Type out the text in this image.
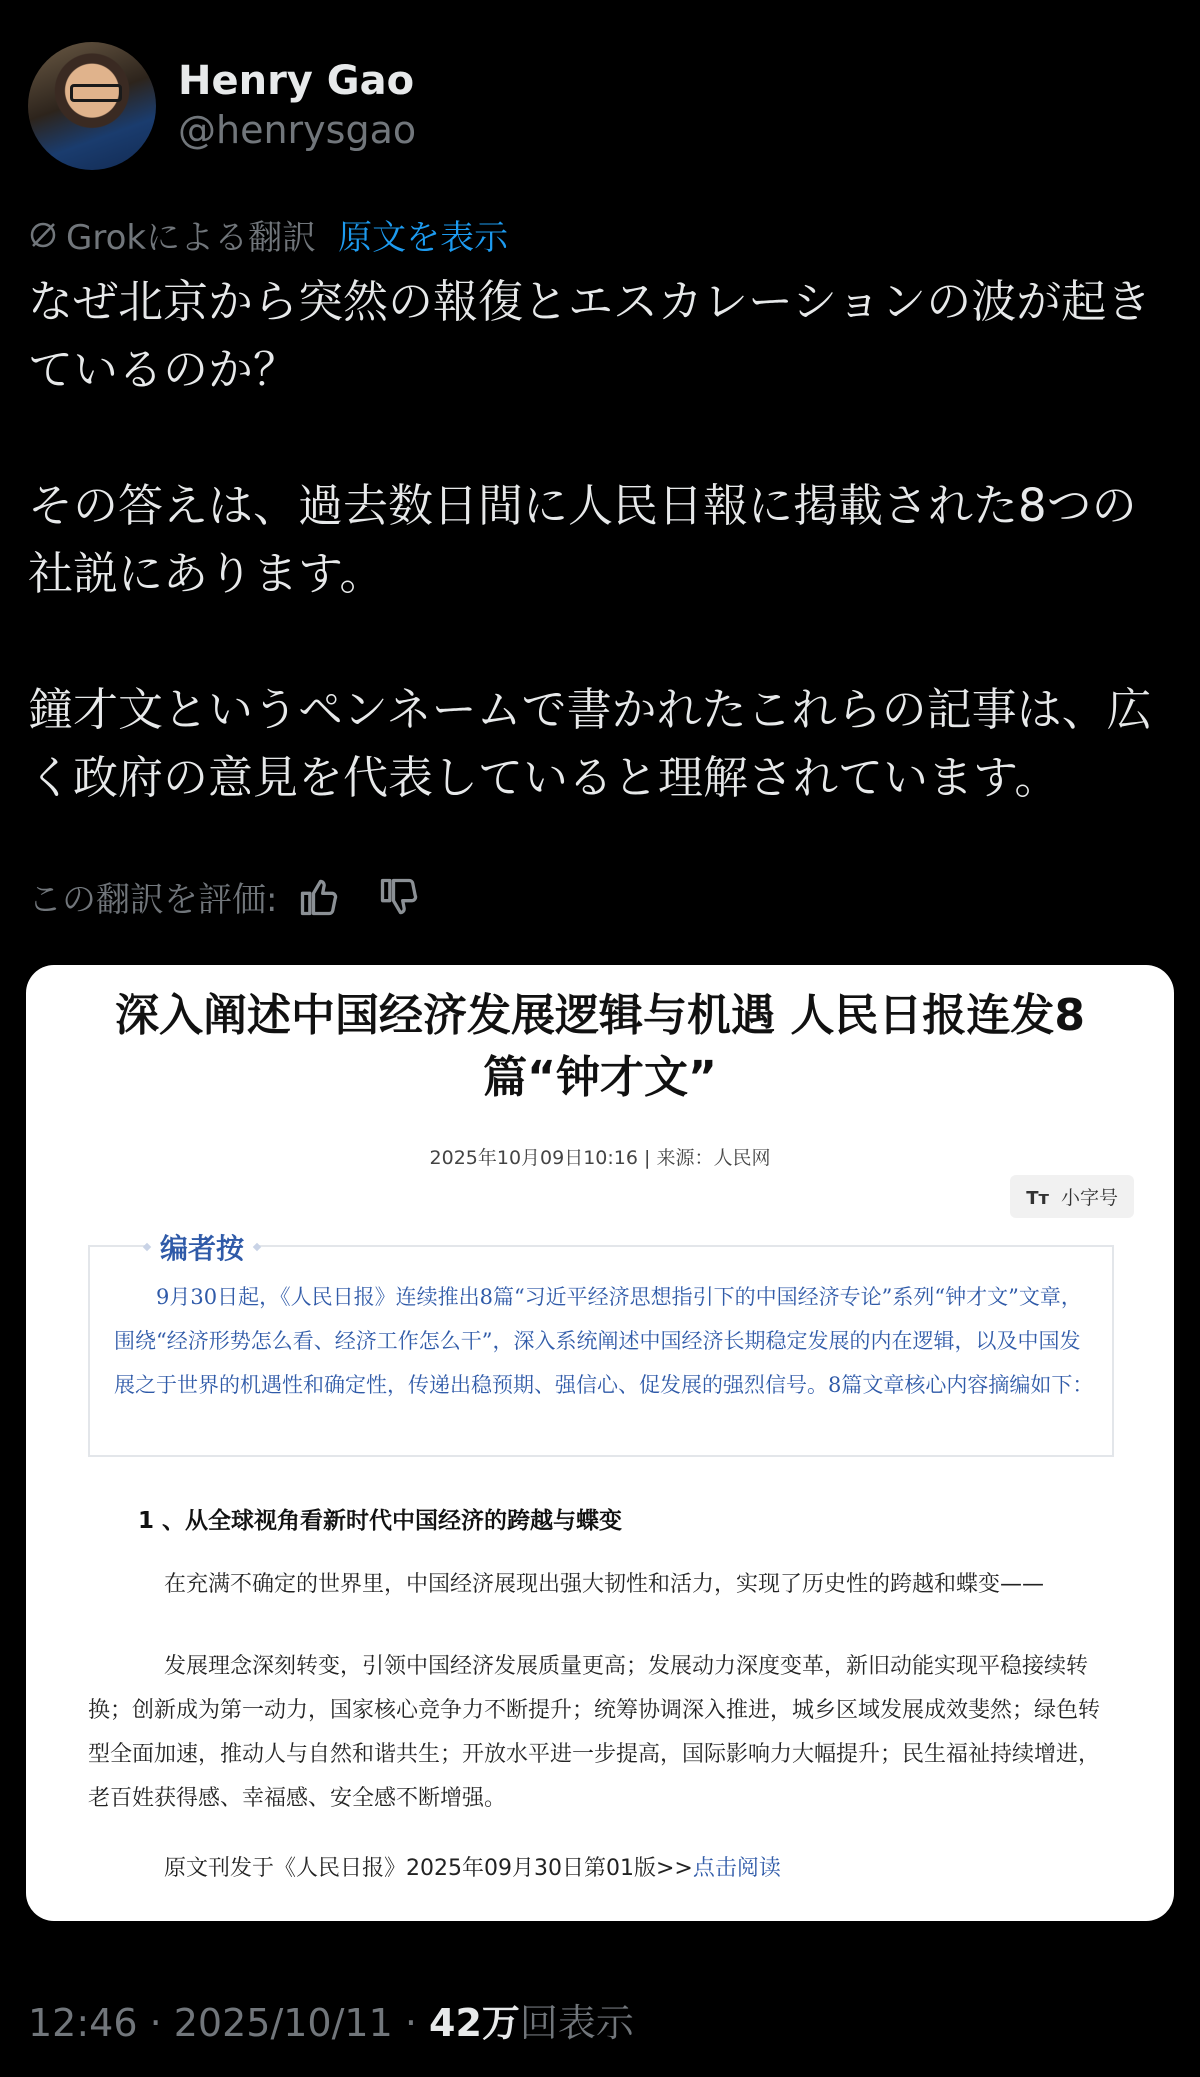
Henry Gao
@henrysgao
Grokによる翻訳 原文を表示
なぜ北京から突然の報復とエスカレーションの波が起きているのか？

その答えは、過去数日間に人民日報に掲載された8つの社説にあります。

鐘才文というペンネームで書かれたこれらの記事は、広く政府の意見を代表していると理解されています。
この翻訳を評価:
深入阐述中国经济发展逻辑与机遇 人民日报连发8篇“钟才文”
2025年10月09日10:16 | 来源：人民网
Tт 小字号
编者按
9月30日起，《人民日报》连续推出8篇“习近平经济思想指引下的中国经济专论”系列“钟才文”文章，围绕“经济形势怎么看、经济工作怎么干”，深入系统阐述中国经济长期稳定发展的内在逻辑，以及中国发展之于世界的机遇性和确定性，传递出稳预期、强信心、促发展的强烈信号。8篇文章核心内容摘编如下：
1 、从全球视角看新时代中国经济的跨越与蝶变
在充满不确定的世界里，中国经济展现出强大韧性和活力，实现了历史性的跨越和蝶变——
发展理念深刻转变，引领中国经济发展质量更高；发展动力深度变革，新旧动能实现平稳接续转换；创新成为第一动力，国家核心竞争力不断提升；统筹协调深入推进，城乡区域发展成效斐然；绿色转型全面加速，推动人与自然和谐共生；开放水平进一步提高，国际影响力大幅提升；民生福祉持续增进，老百姓获得感、幸福感、安全感不断增强。
原文刊发于《人民日报》2025年09月30日第01版>>点击阅读
12:46 · 2025/10/11 · 42万回表示
